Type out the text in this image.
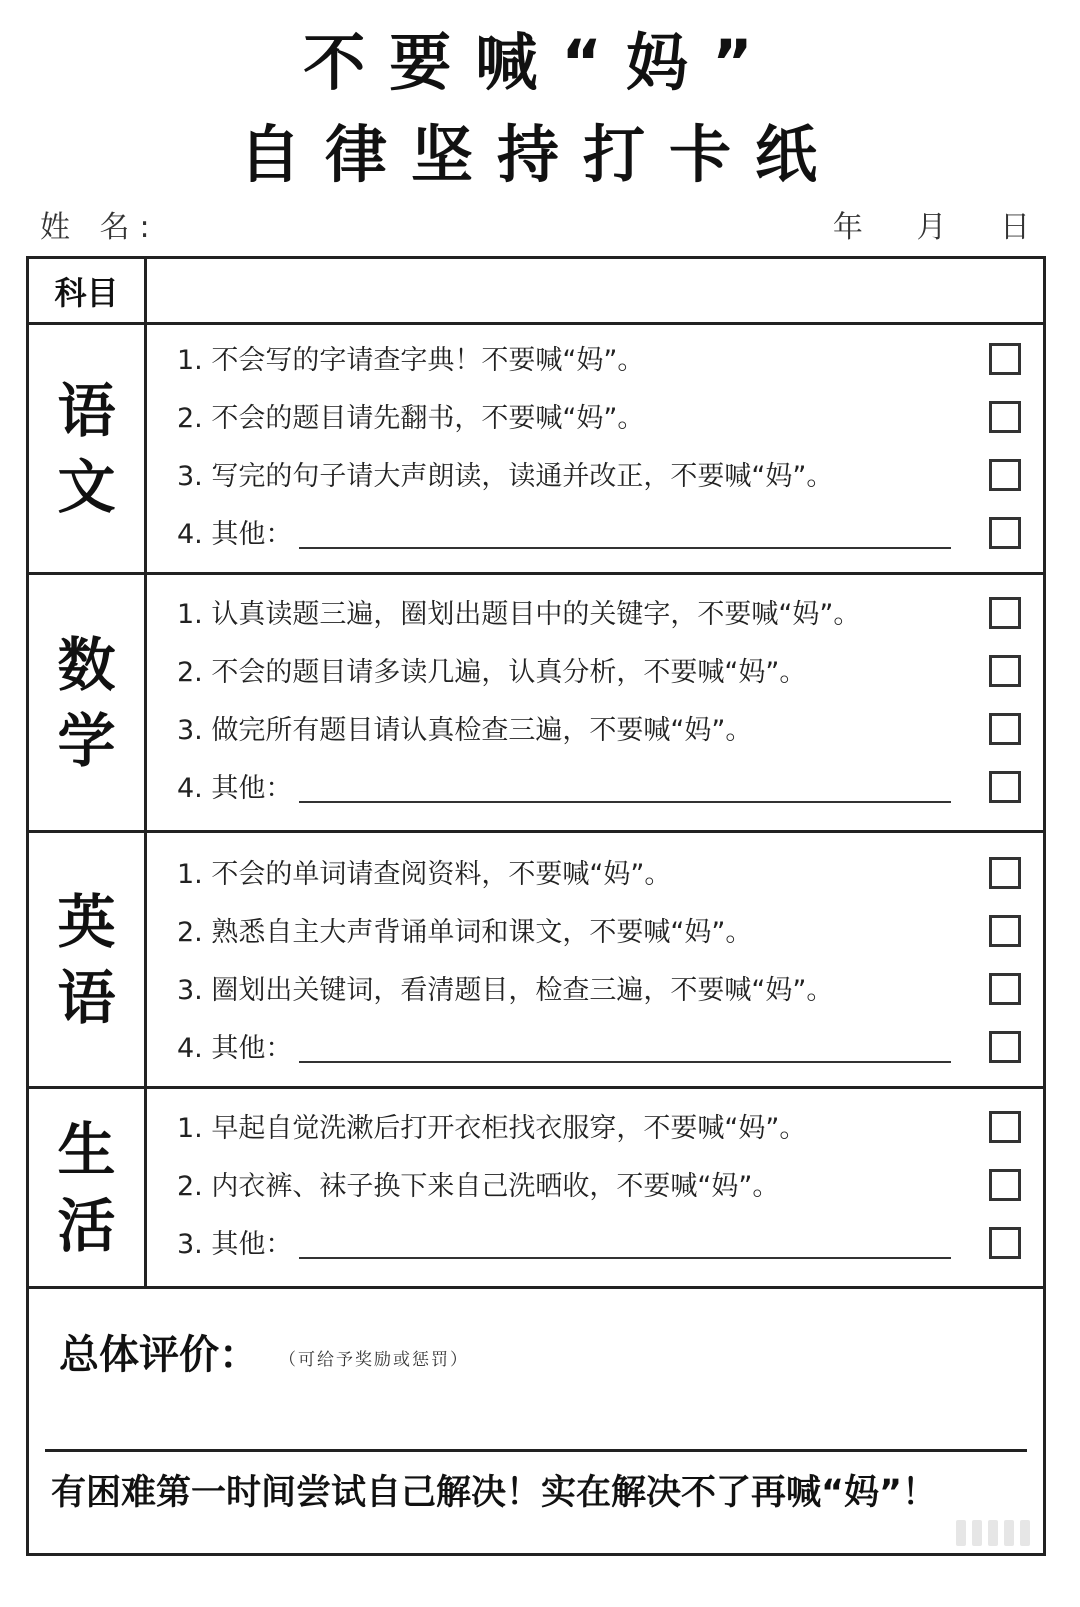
不要喊“妈”
自律坚持打卡纸
姓 名:	年 月 日
科目
语文
1. 不会写的字请查字典！不要喊“妈”。
2. 不会的题目请先翻书，不要喊“妈”。
3. 写完的句子请大声朗读，读通并改正，不要喊“妈”。
4. 其他：
数学
1. 认真读题三遍，圈划出题目中的关键字，不要喊“妈”。
2. 不会的题目请多读几遍，认真分析，不要喊“妈”。
3. 做完所有题目请认真检查三遍，不要喊“妈”。
4. 其他：
英语
1. 不会的单词请查阅资料，不要喊“妈”。
2. 熟悉自主大声背诵单词和课文，不要喊“妈”。
3. 圈划出关键词，看清题目，检查三遍，不要喊“妈”。
4. 其他：
生活
1. 早起自觉洗漱后打开衣柜找衣服穿，不要喊“妈”。
2. 内衣裤、袜子换下来自己洗晒收，不要喊“妈”。
3. 其他：
总体评价： （可给予奖励或惩罚）
有困难第一时间尝试自己解决！实在解决不了再喊“妈”！
